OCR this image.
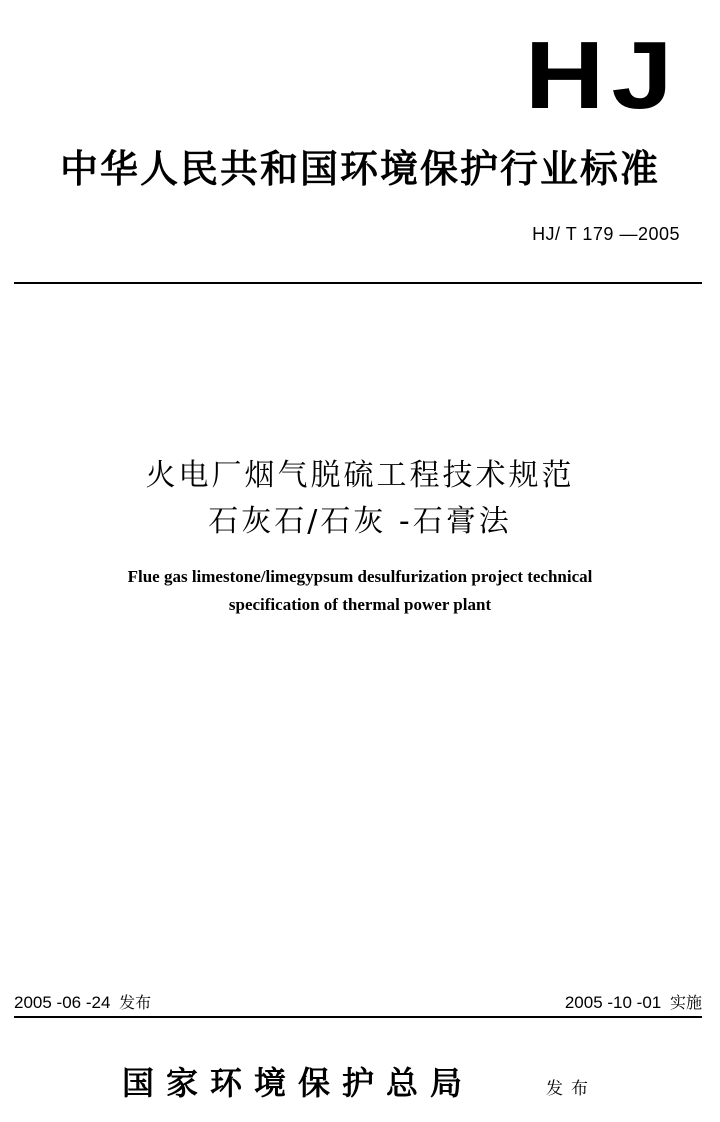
HJ
中华人民共和国环境保护行业标准
HJ/ T 179 —2005
火电厂烟气脱硫工程技术规范
石灰石/石灰 -石膏法
Flue gas limestone/limegypsum desulfurization project technical
specification of thermal power plant
2005 -06 -24 发布	2005 -10 -01 实施
国家环境保护总局	发布
